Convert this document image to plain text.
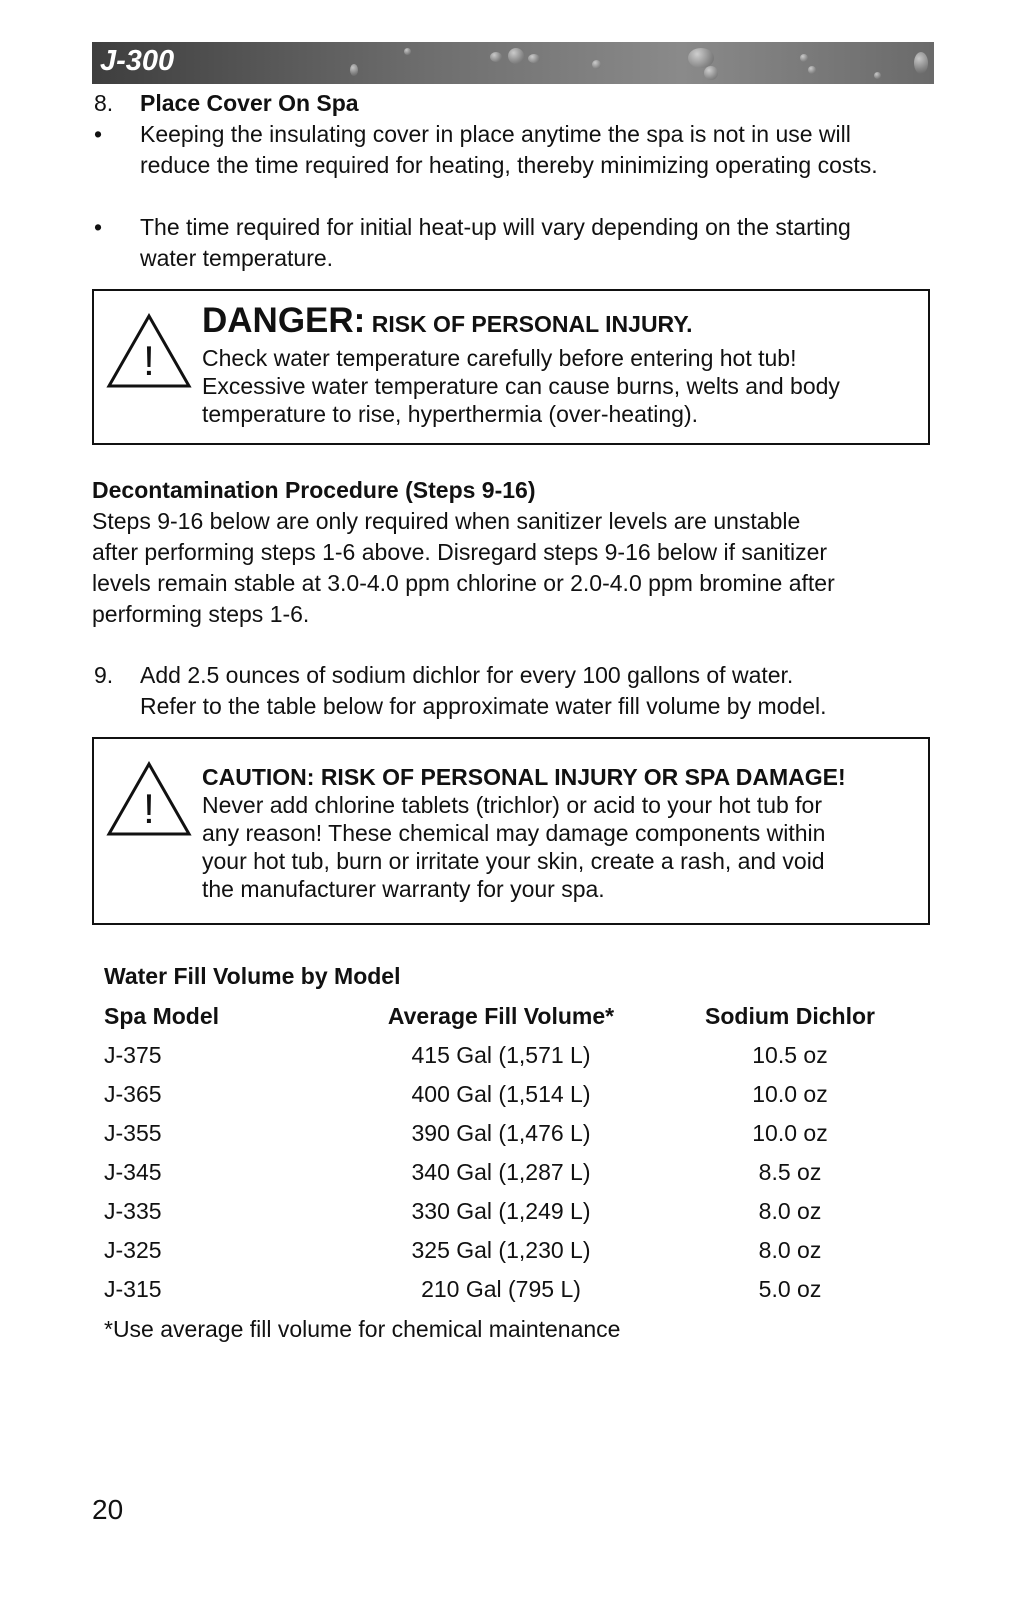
J-300
8. Place Cover On Spa
• Keeping the insulating cover in place anytime the spa is not in use will reduce the time required for heating, thereby minimizing operating costs.
• The time required for initial heat-up will vary depending on the starting water temperature.
!
DANGER: RISK OF PERSONAL INJURY.
Check water temperature carefully before entering hot tub!
Excessive water temperature can cause burns, welts and body
temperature to rise, hyperthermia (over-heating).
Decontamination Procedure (Steps 9-16)
Steps 9-16 below are only required when sanitizer levels are unstable
after performing steps 1-6 above. Disregard steps 9-16 below if sanitizer
levels remain stable at 3.0-4.0 ppm chlorine or 2.0-4.0 ppm bromine after
performing steps 1-6.
9. Add 2.5 ounces of sodium dichlor for every 100 gallons of water.
Refer to the table below for approximate water fill volume by model.
!
CAUTION: RISK OF PERSONAL INJURY OR SPA DAMAGE!
Never add chlorine tablets (trichlor) or acid to your hot tub for
any reason! These chemical may damage components within
your hot tub, burn or irritate your skin, create a rash, and void
the manufacturer warranty for your spa.
Water Fill Volume by Model
Spa Model	Average Fill Volume*	Sodium Dichlor
J-375	415 Gal (1,571 L)	10.5 oz
J-365	400 Gal (1,514 L)	10.0 oz
J-355	390 Gal (1,476 L)	10.0 oz
J-345	340 Gal (1,287 L)	8.5 oz
J-335	330 Gal (1,249 L)	8.0 oz
J-325	325 Gal (1,230 L)	8.0 oz
J-315	210 Gal (795 L)	5.0 oz
*Use average fill volume for chemical maintenance
20
